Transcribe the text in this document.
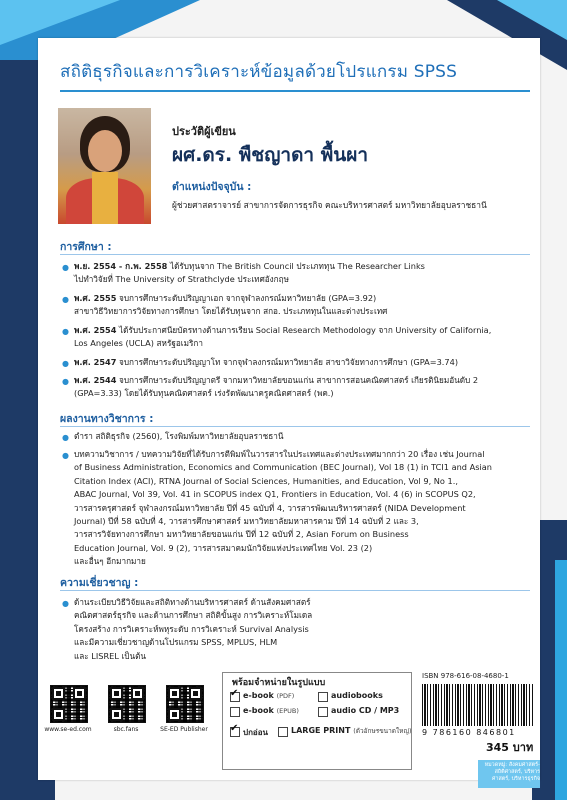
สถิติธุรกิจและการวิเคราะห์ข้อมูลด้วยโปรแกรม SPSS
ประวัติผู้เขียน
ผศ.ดร. พืชญาดา พื้นผา
ตำแหน่งปัจจุบัน :
ผู้ช่วยศาสตราจารย์ สาขาการจัดการธุรกิจ คณะบริหารศาสตร์ มหาวิทยาลัยอุบลราชธานี
การศึกษา :
● พ.ย. 2554 - ก.พ. 2558 ได้รับทุนจาก The British Council ประเภททุน The Researcher Links
ไปทำวิจัยที่ The University of Strathclyde ประเทศอังกฤษ
● พ.ศ. 2555 จบการศึกษาระดับปริญญาเอก จากจุฬาลงกรณ์มหาวิทยาลัย (GPA=3.92)
สาขาวิธีวิทยาการวิจัยทางการศึกษา โดยได้รับทุนจาก สกอ. ประเภททุนในและต่างประเทศ
● พ.ศ. 2554 ได้รับประกาศนียบัตรทางด้านการเรียน Social Research Methodology จาก University of California,
Los Angeles (UCLA) สหรัฐอเมริกา
● พ.ศ. 2547 จบการศึกษาระดับปริญญาโท จากจุฬาลงกรณ์มหาวิทยาลัย สาขาวิจัยทางการศึกษา (GPA=3.74)
● พ.ศ. 2544 จบการศึกษาระดับปริญญาตรี จากมหาวิทยาลัยขอนแก่น สาขาการสอนคณิตศาสตร์ เกียรตินิยมอันดับ 2
(GPA=3.33) โดยได้รับทุนคณิตศาสตร์ เร่งรัดพัฒนาครูคณิตศาสตร์ (พค.)
ผลงานทางวิชาการ :
● ตำรา สถิติธุรกิจ (2560), โรงพิมพ์มหาวิทยาลัยอุบลราชธานี
● บทความวิชาการ / บทความวิจัยที่ได้รับการตีพิมพ์ในวารสารในประเทศและต่างประเทศมากกว่า 20 เรื่อง เช่น Journal
of Business Administration, Economics and Communication (BEC Journal), Vol 18 (1) in TCI1 and Asian
Citation Index (ACI), RTNA Journal of Social Sciences, Humanities, and Education, Vol 9, No 1.,
ABAC Journal, Vol 39, Vol. 41 in SCOPUS index Q1, Frontiers in Education, Vol. 4 (6) in SCOPUS Q2,
วารสารครุศาสตร์ จุฬาลงกรณ์มหาวิทยาลัย ปีที่ 45 ฉบับที่ 4, วารสารพัฒนบริหารศาสตร์ (NIDA Development
Journal) ปีที่ 58 ฉบับที่ 4, วารสารศึกษาศาสตร์ มหาวิทยาลัยมหาสารคาม ปีที่ 14 ฉบับที่ 2 และ 3,
วารสารวิจัยทางการศึกษา มหาวิทยาลัยขอนแก่น ปีที่ 12 ฉบับที่ 2, Asian Forum on Business
Education Journal, Vol. 9 (2), วารสารสมาคมนักวิจัยแห่งประเทศไทย Vol. 23 (2)
และอื่นๆ อีกมากมาย
ความเชี่ยวชาญ :
● ด้านระเบียบวิธีวิจัยและสถิติทางด้านบริหารศาสตร์ ด้านสังคมศาสตร์
คณิตศาสตร์ธุรกิจ และด้านการศึกษา สถิติขั้นสูง การวิเคราะห์โมเดล
โครงสร้าง การวิเคราะห์พหุระดับ การวิเคราะห์ Survival Analysis
และมีความเชี่ยวชาญด้านโปรแกรม SPSS, MPLUS, HLM
และ LISREL เป็นต้น
www.se-ed.com	sbc.fans	SE-ED Publisher
พร้อมจำหน่ายในรูปแบบ
✔ e-book (PDF)	audiobooks
e-book (EPUB)	audio CD / MP3
✔ ปกอ่อน	LARGE PRINT (ตัวอักษรขนาดใหญ่)
ISBN 978-616-08-4680-1
9 786160 846801
345 บาท
หมวดหมู่: สังคมศาสตร์-สถิติศาสตร์, บริหารศาสตร์, บริหารธุรกิจ
